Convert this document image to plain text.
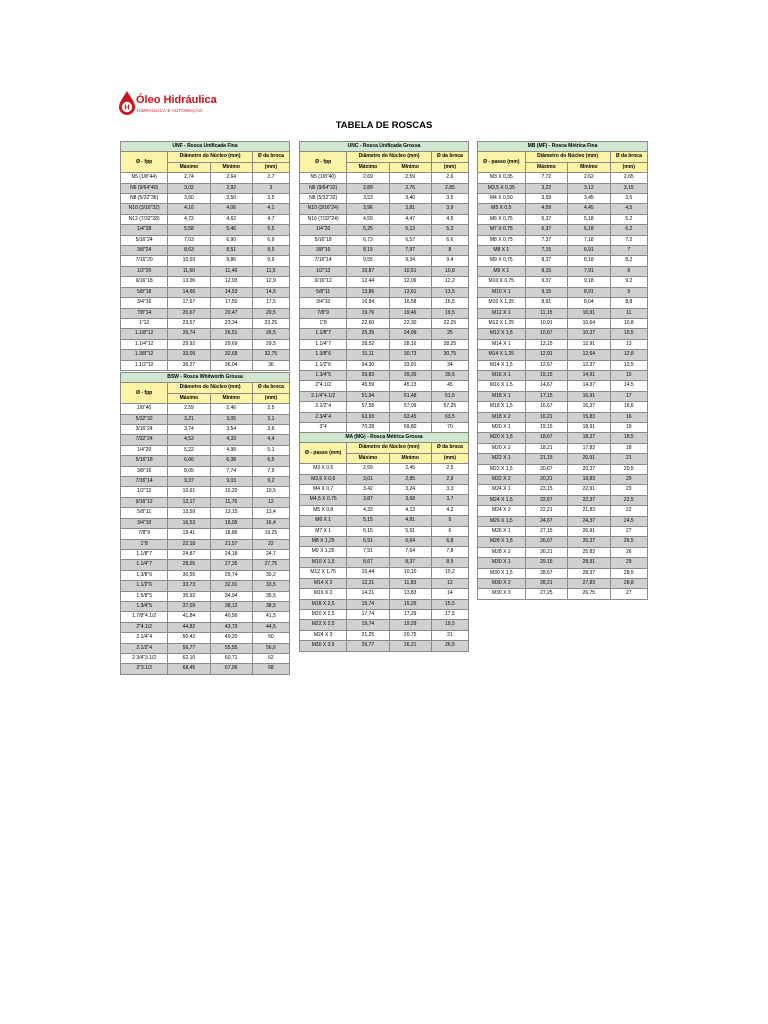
H
Óleo Hidráulica
HIDRÁULICA E AUTOMAÇÃO
TABELA DE ROSCAS
UNF - Rosca Unificada Fina			
Ø - fpp	Diâmetro do Núcleo (mm)		Ø da broca
	Máximo	Mínimo	(mm)
N5 (1/8"44)	2,74	2,64	2,7
N6 (9/64"40)	3,02	2,92	3
N8 (5/32"36)	3,60	3,50	3,5
N10 (3/16"32)	4,16	4,06	4,1
N12 (7/32"28)	4,72	4,62	4,7
1/4"28	5,58	5,46	5,5
5/16"24	7,03	6,90	6,9
3/8"24	8,63	8,51	8,5
7/16"20	10,03	9,86	9,9
1/2"20	11,60	11,46	11,5
9/16"18	13,06	12,93	12,9
5/8"18	14,66	14,53	14,5
3/4"16	17,67	17,50	17,5
7/8"14	20,67	20,47	20,5
1"12	23,57	23,34	23,25
1.1/8"12	26,74	26,51	26,5
1.1/4"12	29,92	29,69	29,5
1.3/8"12	33,09	32,68	32,75
1.1/2"12	36,27	36,04	36
BSW - Rosca Whitworth Grossa			
Ø - fpp	Diâmetro do Núcleo (mm)		Ø da broca
	Máximo	Mínimo	(mm)
1/8"40	2,59	2,46	2,5
5/32"32	3,21	3,05	3,1
3/16"24	3,74	3,54	3,6
7/32"24	4,53	4,33	4,4
1/4"20	5,22	4,98	5,1
5/16"18	6,66	6,38	6,5
3/8"16	8,05	7,74	7,9
7/16"14	9,37	9,03	9,2
1/2"12	10,61	10,20	10,5
9/16"12	12,17	11,76	12
5/8"11	13,59	13,15	13,4
3/4"10	16,53	16,05	16,4
7/8"9	19,41	18,86	19,25
1"8	22,18	21,57	22
1.1/8"7	24,87	24,18	24,7
1.1/4"7	28,05	27,35	27,75
1.3/8"6	30,55	29,74	30,2
1.1/2"6	33,73	32,91	33,5
1.5/8"5	35,92	34,94	35,5
1.3/4"5	37,09	38,12	38,5
1.7/8"4.1/2	41,84	40,56	41,5
2"4.1/2	44,82	43,73	44,5
2.1/4"4	50,42	49,20	50
2.1/2"4	56,77	55,55	56,6
2.3/4"3.1/2	62,10	60,71	62
3"3.1/2	68,45	67,06	68
UNC - Rosca Unificada Grossa			
Ø - fpp	Diâmetro do Núcleo (mm)		Ø da broca
	Máximo	Mínimo	(mm)
N5 (1/8"40)	2,69	2,59	2,6
N6 (9/64"32)	2,89	2,76	2,85
N8 (5/32"32)	3,53	3,40	3,5
N10 (3/16"24)	3,96	3,81	3,9
N16 (7/32"24)	4,59	4,47	4,5
1/4"20	5,25	5,13	5,2
5/16"18	6,73	6,57	6,6
3/8"16	8,15	7,97	8
7/16"14	9,55	9,34	9,4
1/2"13	10,87	10,51	10,8
9/16"12	12,44	12,09	12,2
5/8"11	13,86	13,61	13,5
3/4"10	16,84	16,58	16,5
7/8"9	19,76	19,46	19,5
1"8	22,60	22,30	22,25
1.1/8"7	25,35	24,99	25
1.1/4"7	28,52	28,16	28,25
1.3/8"6	31,11	30,73	30,75
1.1/2"6	34,30	33,91	34
1.3/4"5	39,83	39,39	39,5
2"4.1/2	45,59	45,13	45
2.1/4"4.1/2	51,94	51,48	51,5
2.1/2"4	57,58	57,09	57,25
2.3/4"4	63,93	63,45	63,5
3"4	70,28	69,80	70
MA (MG) - Rosca Métrica Grossa			
Ø - passo (mm)	Diâmetro do Núcleo (mm)		Ø da broca
	Máximo	Mínimo	(mm)
M3 X 0,5	2,59	2,45	2,5
M3,5 X 0,6	3,01	2,85	2,9
M4 X 0,7	3,42	3,24	3,3
M4,5 X 0,75	3,87	3,68	3,7
M5 X 0,8	4,33	4,13	4,2
M6 X 1	5,15	4,91	5
M7 X 1	6,15	5,91	6
M8 X 1,25	6,91	6,64	6,8
M9 X 1,25	7,91	7,64	7,8
M10 X 1,5	8,67	8,37	8,5
M12 X 1,75	10,44	10,10	10,2
M14 X 2	12,21	11,83	12
M16 X 2	14,21	13,83	14
M18 X 2,5	15,74	15,29	15,5
M20 X 2,5	17,74	17,29	17,5
M22 X 2,5	19,74	19,29	19,5
M24 X 3	21,25	20,75	21
M30 X 3,5	26,77	26,21	26,5
MB (MF) - Rosca Métrica Fina			
Ø - passo (mm)	Diâmetro do Núcleo (mm)		Ø da broca
	Máximo	Mínimo	(mm)
M3 X 0,35	7,72	2,62	2,65
M3,5 X 0,35	3,22	3,12	3,15
M4 X 0,50	3,59	3,45	3,5
M5 X 0,5	4,59	4,45	4,5
M6 X 0,75	5,37	5,18	5,2
M7 X 0,75	6,37	6,18	6,2
M8 X 0,75	7,37	7,18	7,2
M8 X 1	7,15	6,91	7
M9 X 0,75	8,37	8,18	8,2
M9 X 1	8,15	7,91	8
M10 X 0,75	9,37	9,18	9,2
M10 X 1	9,15	8,91	9
M10 X 1,25	8,91	8,64	8,8
M12 X 1	11,15	10,91	11
M12 X 1,25	10,91	10,64	10,8
M12 X 1,5	10,67	10,37	10,5
M14 X 1	13,15	12,91	13
M14 X 1,25	12,91	12,64	12,8
M14 X 1,5	12,67	12,37	12,5
M16 X 1	15,15	14,91	15
M16 X 1,5	14,67	14,37	14,5
M18 X 1	17,15	16,91	17
M18 X 1,5	16,67	16,37	16,6
M18 X 2	16,21	15,83	16
M20 X 1	19,15	18,91	19
M20 X 1,5	18,67	18,37	18,5
M20 X 2	18,21	17,83	18
M22 X 1	21,15	20,91	21
M22 X 1,5	20,67	20,37	20,5
M22 X 2	20,21	19,83	20
M24 X 1	23,15	22,91	23
M24 X 1,5	22,67	22,37	22,5
M24 X 2	22,21	21,83	22
M26 X 1,5	24,67	24,37	24,5
M26 X 1	27,15	26,91	27
M28 X 1,5	26,67	26,37	26,5
M28 X 2	26,21	25,83	26
M30 X 1	29,15	28,91	29
M30 X 1,5	28,67	28,37	28,5
M30 X 2	28,21	27,83	28,8
M30 X 3	27,25	26,75	27
